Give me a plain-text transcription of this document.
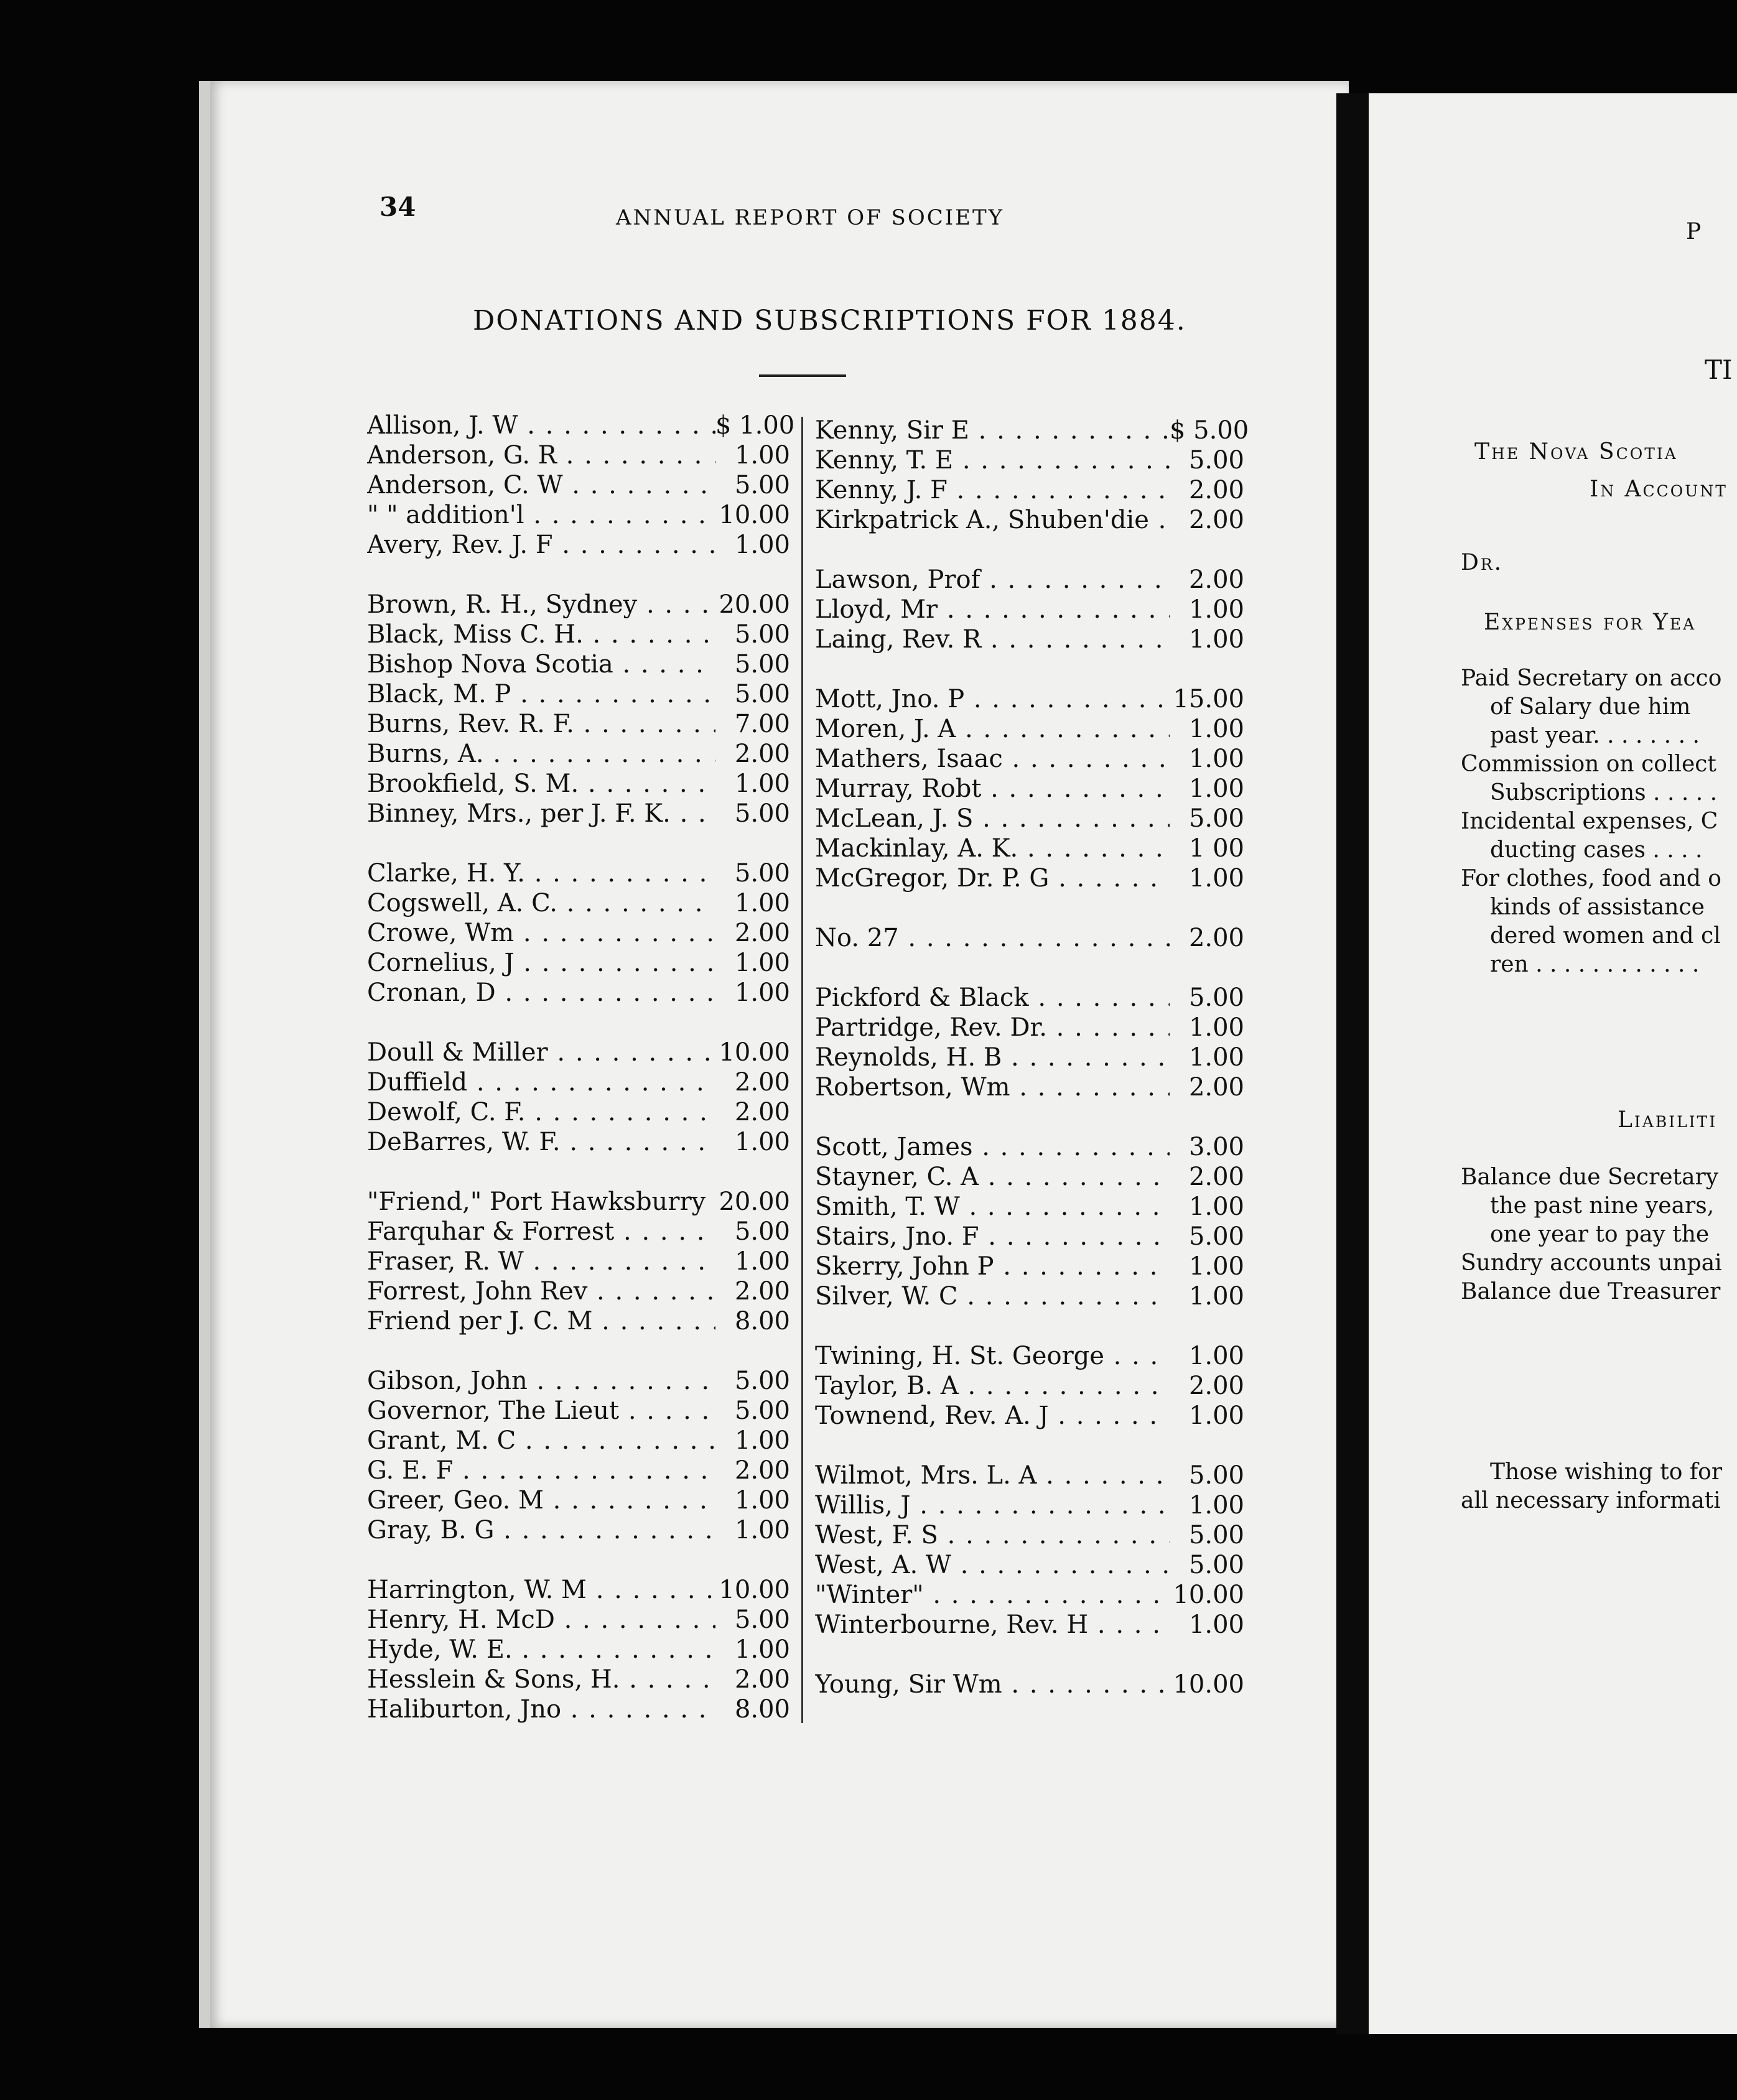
34	ANNUAL REPORT OF SOCIETY
DONATIONS AND SUBSCRIPTIONS FOR 1884.
Allison, J. W . . .	$ 1.00
Anderson, G. R . . .	1.00
Anderson, C. W . . .	5.00
" " addition'l . . .	10.00
Avery, Rev. J. F . . .	1.00
Brown, R. H., Sydney . . .	20.00
Black, Miss C. H. . . .	5.00
Bishop Nova Scotia . . .	5.00
Black, M. P . . .	5.00
Burns, Rev. R. F. . . .	7.00
Burns, A. . . .	2.00
Brookfield, S. M. . . .	1.00
Binney, Mrs., per J. F. K. . . .	5.00
Clarke, H. Y. . . .	5.00
Cogswell, A. C. . . .	1.00
Crowe, Wm . . .	2.00
Cornelius, J . . .	1.00
Cronan, D . . .	1.00
Doull & Miller . . .	10.00
Duffield . . .	2.00
Dewolf, C. F. . . .	2.00
DeBarres, W. F. . . .	1.00
"Friend," Port Hawksburry . . . 20.00
Farquhar & Forrest . . .	5.00
Fraser, R. W . . .	1.00
Forrest, John Rev . . .	2.00
Friend per J. C. M . . .	8.00
Gibson, John . . .	5.00
Governor, The Lieut . . .	5.00
Grant, M. C . . .	1.00
G. E. F . . .	2.00
Greer, Geo. M . . .	1.00
Gray, B. G . . .	1.00
Harrington, W. M . . .	10.00
Henry, H. McD . . .	5.00
Hyde, W. E. . . .	1.00
Hesslein & Sons, H. . . .	2.00
Haliburton, Jno . . .	8.00
Kenny, Sir E . . .	$ 5.00
Kenny, T. E . . .	5.00
Kenny, J. F . . .	2.00
Kirkpatrick A., Shuben'die . . .	2.00
Lawson, Prof . . .	2.00
Lloyd, Mr . . .	1.00
Laing, Rev. R . . .	1.00
Mott, Jno. P . . .	15.00
Moren, J. A . . .	1.00
Mathers, Isaac . . .	1.00
Murray, Robt . . .	1.00
McLean, J. S . . .	5.00
Mackinlay, A. K. . . .	1 00
McGregor, Dr. P. G . . .	1.00
No. 27 . . .	2.00
Pickford & Black . . .	5.00
Partridge, Rev. Dr. . . .	1.00
Reynolds, H. B . . .	1.00
Robertson, Wm . . .	2.00
Scott, James . . .	3.00
Stayner, C. A . . .	2.00
Smith, T. W . . .	1.00
Stairs, Jno. F . . .	5.00
Skerry, John P . . .	1.00
Silver, W. C . . .	1.00
Twining, H. St. George . . .	1.00
Taylor, B. A . . .	2.00
Townend, Rev. A. J . . .	1.00
Wilmot, Mrs. L. A . . .	5.00
Willis, J . . .	1.00
West, F. S . . .	5.00
West, A. W . . .	5.00
"Winter" . . .	10.00
Winterbourne, Rev. H . . .	1.00
Young, Sir Wm . . .	10.00
P
TI
The Nova Scotia
In Account
Dr.
Expenses for Yea
Paid Secretary on acco
of Salary due him
past year. . . . . . . .
Commission on collect
Subscriptions . . . . .
Incidental expenses, C
ducting cases . . . .
For clothes, food and o
kinds of assistance
dered women and cl
ren . . . . . . . . . . . .
Liabiliti
Balance due Secretary
the past nine years,
one year to pay the
Sundry accounts unpai
Balance due Treasurer
Those wishing to for
all necessary informati
